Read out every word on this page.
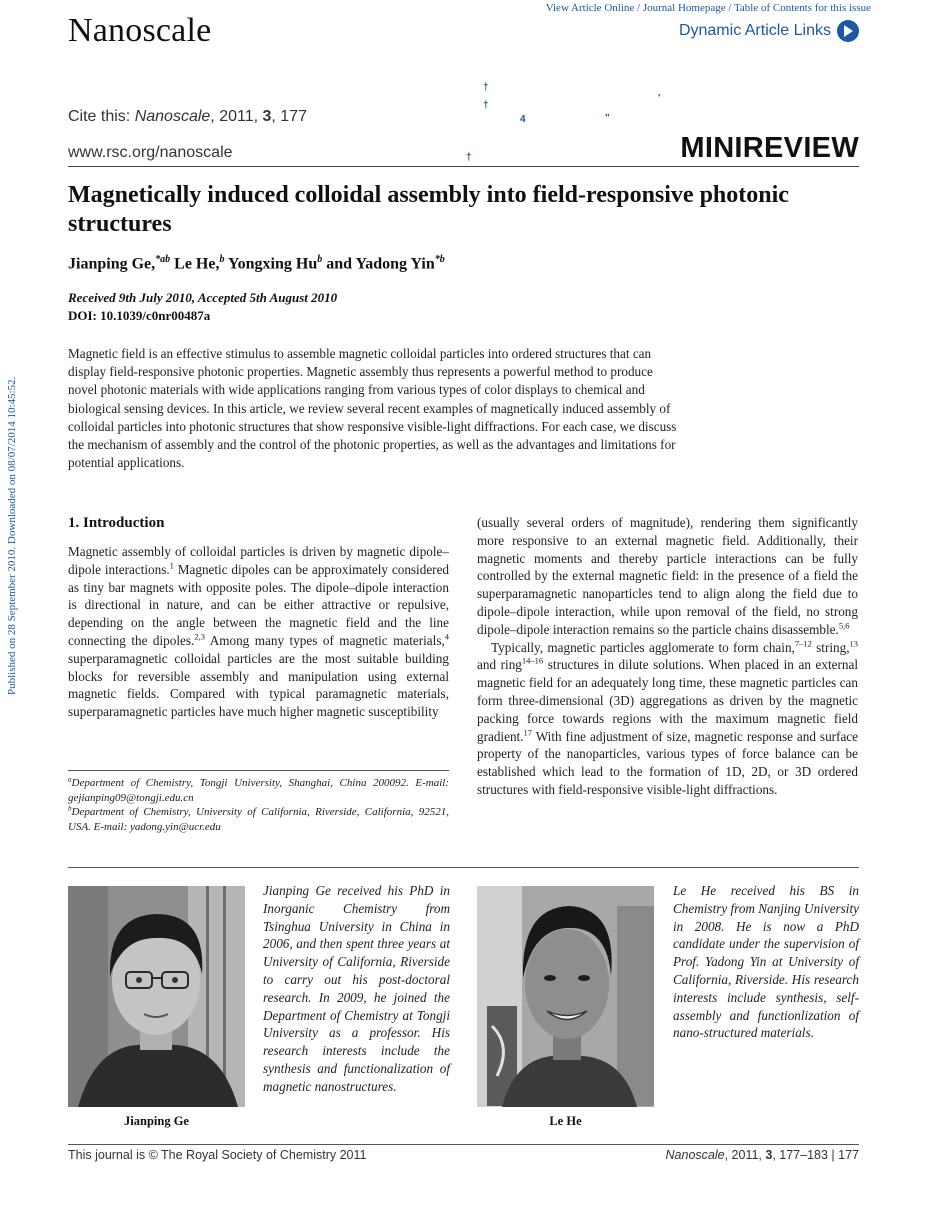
Nanoscale
View Article Online / Journal Homepage / Table of Contents for this issue
Dynamic Article Links
Cite this: Nanoscale, 2011, 3, 177
www.rsc.org/nanoscale	MINIREVIEW
†
†
4	"
'
†
Published on 28 September 2010. Downloaded on 08/07/2014 10:45:52.
Magnetically induced colloidal assembly into field-responsive photonic structures
Jianping Ge,$^{*ab}$ Le He,$^b$ Yongxing Hu$^b$ and Yadong Yin$^{*b}$
Received 9th July 2010, Accepted 5th August 2010
DOI: 10.1039/c0nr00487a
Magnetic field is an effective stimulus to assemble magnetic colloidal particles into ordered structures that can display field-responsive photonic properties. Magnetic assembly thus represents a powerful method to produce novel photonic materials with wide applications ranging from various types of color displays to chemical and biological sensing devices. In this article, we review several recent examples of magnetically induced assembly of colloidal particles into photonic structures that show responsive visible-light diffractions. For each case, we discuss the mechanism of assembly and the control of the photonic properties, as well as the advantages and limitations for potential applications.
1. Introduction
Magnetic assembly of colloidal particles is driven by magnetic dipole–dipole interactions.$^1$ Magnetic dipoles can be approximately considered as tiny bar magnets with opposite poles. The dipole–dipole interaction is directional in nature, and can be either attractive or repulsive, depending on the angle between the magnetic field and the line connecting the dipoles.$^{2,3}$ Among many types of magnetic materials,$^4$ superparamagnetic colloidal particles are the most suitable building blocks for reversible assembly and manipulation using external magnetic fields. Compared with typical paramagnetic materials, superparamagnetic particles have much higher magnetic susceptibility
(usually several orders of magnitude), rendering them significantly more responsive to an external magnetic field. Additionally, their magnetic moments and thereby particle interactions can be fully controlled by the external magnetic field: in the presence of a field the superparamagnetic nanoparticles tend to align along the field due to dipole–dipole interaction, while upon removal of the field, no strong dipole–dipole interaction remains so the particle chains disassemble.$^{5,6}$
Typically, magnetic particles agglomerate to form chain,$^{7-12}$ string,$^{13}$ and ring$^{14-16}$ structures in dilute solutions. When placed in an external magnetic field for an adequately long time, these magnetic particles can form three-dimensional (3D) aggregations as driven by the magnetic packing force towards regions with the maximum magnetic field gradient.$^{17}$ With fine adjustment of size, magnetic response and surface property of the nanoparticles, various types of force balance can be established which lead to the formation of 1D, 2D, or 3D ordered structures with field-responsive visible-light diffractions.
$^a$Department of Chemistry, Tongji University, Shanghai, China 200092. E-mail: gejianping09@tongji.edu.cn
$^b$Department of Chemistry, University of California, Riverside, California, 92521, USA. E-mail: yadong.yin@ucr.edu
Jianping Ge
Jianping Ge received his PhD in Inorganic Chemistry from Tsinghua University in China in 2006, and then spent three years at University of California, Riverside to carry out his post-doctoral research. In 2009, he joined the Department of Chemistry at Tongji University as a professor. His research interests include the synthesis and functionalization of magnetic nanostructures.
Le He
Le He received his BS in Chemistry from Nanjing University in 2008. He is now a PhD candidate under the supervision of Prof. Yadong Yin at University of California, Riverside. His research interests include synthesis, self-assembly and functionlization of nano-structured materials.
This journal is © The Royal Society of Chemistry 2011	Nanoscale, 2011, 3, 177–183 | 177
